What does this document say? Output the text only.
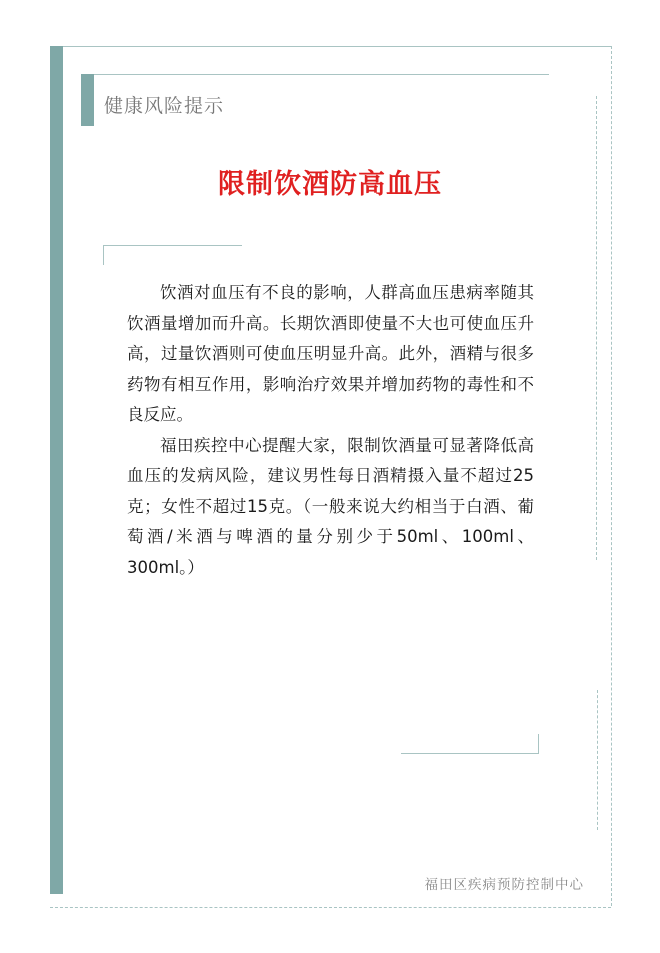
健康风险提示
限制饮酒防高血压

饮酒对血压有不良的影响，人群高血压患病率随其饮酒量增加而升高。长期饮酒即使量不大也可使血压升高，过量饮酒则可使血压明显升高。此外，酒精与很多药物有相互作用，影响治疗效果并增加药物的毒性和不良反应。

福田疾控中心提醒大家，限制饮酒量可显著降低高血压的发病风险，建议男性每日酒精摄入量不超过25克；女性不超过15克。（一般来说大约相当于白酒、葡萄酒/米酒与啤酒的量分别少于50ml、100ml、300ml。）

福田区疾病预防控制中心
